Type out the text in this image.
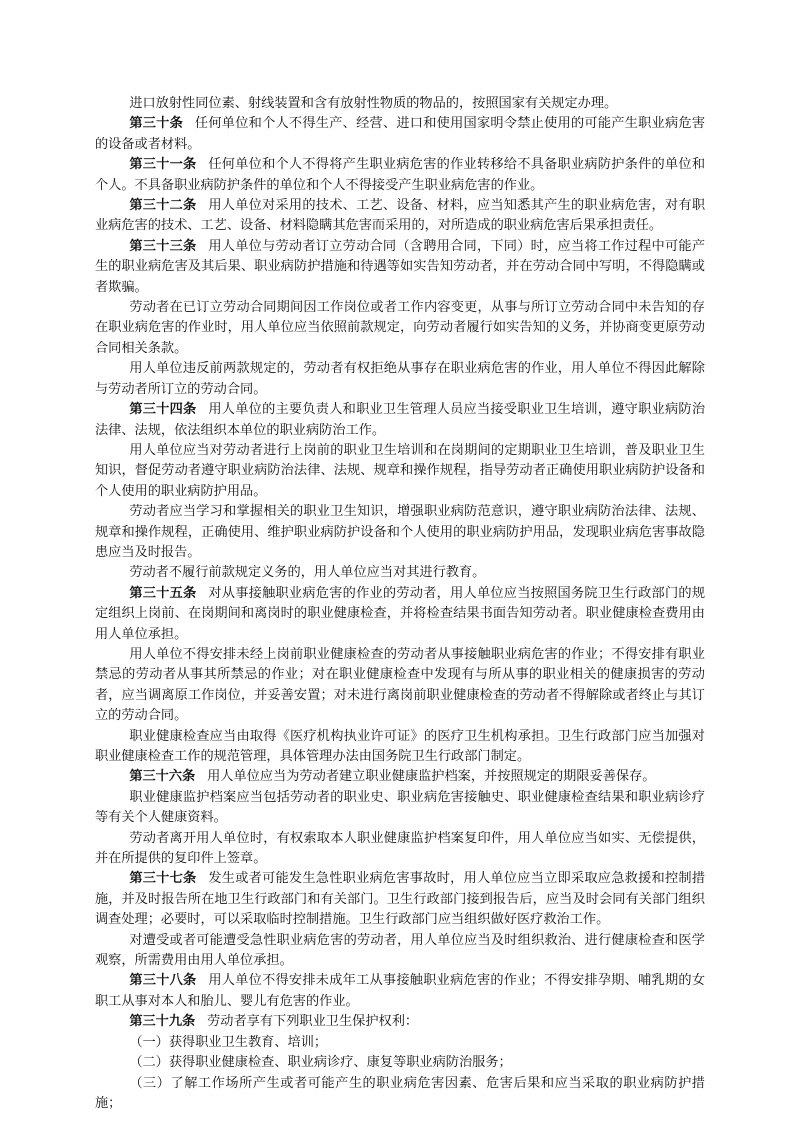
进口放射性同位素、射线装置和含有放射性物质的物品的，按照国家有关规定办理。

第三十条 任何单位和个人不得生产、经营、进口和使用国家明令禁止使用的可能产生职业病危害的设备或者材料。

第三十一条 任何单位和个人不得将产生职业病危害的作业转移给不具备职业病防护条件的单位和个人。不具备职业病防护条件的单位和个人不得接受产生职业病危害的作业。

第三十二条 用人单位对采用的技术、工艺、设备、材料，应当知悉其产生的职业病危害，对有职业病危害的技术、工艺、设备、材料隐瞒其危害而采用的，对所造成的职业病危害后果承担责任。

第三十三条 用人单位与劳动者订立劳动合同（含聘用合同，下同）时，应当将工作过程中可能产生的职业病危害及其后果、职业病防护措施和待遇等如实告知劳动者，并在劳动合同中写明，不得隐瞒或者欺骗。

劳动者在已订立劳动合同期间因工作岗位或者工作内容变更，从事与所订立劳动合同中未告知的存在职业病危害的作业时，用人单位应当依照前款规定，向劳动者履行如实告知的义务，并协商变更原劳动合同相关条款。

用人单位违反前两款规定的，劳动者有权拒绝从事存在职业病危害的作业，用人单位不得因此解除与劳动者所订立的劳动合同。

第三十四条 用人单位的主要负责人和职业卫生管理人员应当接受职业卫生培训，遵守职业病防治法律、法规，依法组织本单位的职业病防治工作。

用人单位应当对劳动者进行上岗前的职业卫生培训和在岗期间的定期职业卫生培训，普及职业卫生知识，督促劳动者遵守职业病防治法律、法规、规章和操作规程，指导劳动者正确使用职业病防护设备和个人使用的职业病防护用品。

劳动者应当学习和掌握相关的职业卫生知识，增强职业病防范意识，遵守职业病防治法律、法规、规章和操作规程，正确使用、维护职业病防护设备和个人使用的职业病防护用品，发现职业病危害事故隐患应当及时报告。

劳动者不履行前款规定义务的，用人单位应当对其进行教育。

第三十五条 对从事接触职业病危害的作业的劳动者，用人单位应当按照国务院卫生行政部门的规定组织上岗前、在岗期间和离岗时的职业健康检查，并将检查结果书面告知劳动者。职业健康检查费用由用人单位承担。

用人单位不得安排未经上岗前职业健康检查的劳动者从事接触职业病危害的作业；不得安排有职业禁忌的劳动者从事其所禁忌的作业；对在职业健康检查中发现有与所从事的职业相关的健康损害的劳动者，应当调离原工作岗位，并妥善安置；对未进行离岗前职业健康检查的劳动者不得解除或者终止与其订立的劳动合同。

职业健康检查应当由取得《医疗机构执业许可证》的医疗卫生机构承担。卫生行政部门应当加强对职业健康检查工作的规范管理，具体管理办法由国务院卫生行政部门制定。

第三十六条 用人单位应当为劳动者建立职业健康监护档案，并按照规定的期限妥善保存。

职业健康监护档案应当包括劳动者的职业史、职业病危害接触史、职业健康检查结果和职业病诊疗等有关个人健康资料。

劳动者离开用人单位时，有权索取本人职业健康监护档案复印件，用人单位应当如实、无偿提供，并在所提供的复印件上签章。

第三十七条 发生或者可能发生急性职业病危害事故时，用人单位应当立即采取应急救援和控制措施，并及时报告所在地卫生行政部门和有关部门。卫生行政部门接到报告后，应当及时会同有关部门组织调查处理；必要时，可以采取临时控制措施。卫生行政部门应当组织做好医疗救治工作。

对遭受或者可能遭受急性职业病危害的劳动者，用人单位应当及时组织救治、进行健康检查和医学观察，所需费用由用人单位承担。

第三十八条 用人单位不得安排未成年工从事接触职业病危害的作业；不得安排孕期、哺乳期的女职工从事对本人和胎儿、婴儿有危害的作业。

第三十九条 劳动者享有下列职业卫生保护权利：

（一）获得职业卫生教育、培训；

（二）获得职业健康检查、职业病诊疗、康复等职业病防治服务；

（三）了解工作场所产生或者可能产生的职业病危害因素、危害后果和应当采取的职业病防护措施；
